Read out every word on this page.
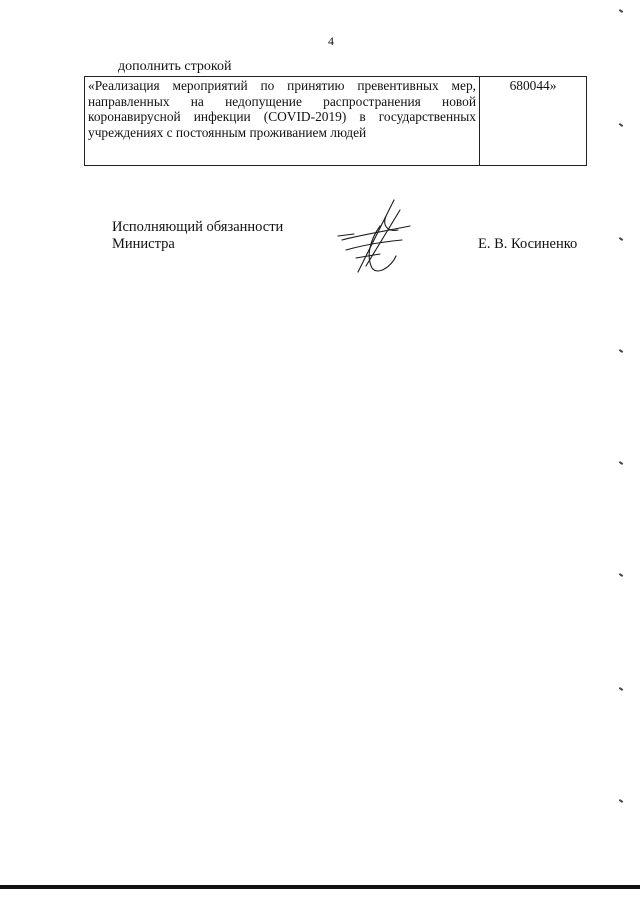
4
дополнить строкой
«Реализация мероприятий по принятию превентивных мер, направленных на недопущение распространения новой коронавирусной инфекции (COVID-2019) в государственных учреждениях с постоянным проживанием людей	680044»
Исполняющий обязанности
Министра	Е. В. Косиненко
